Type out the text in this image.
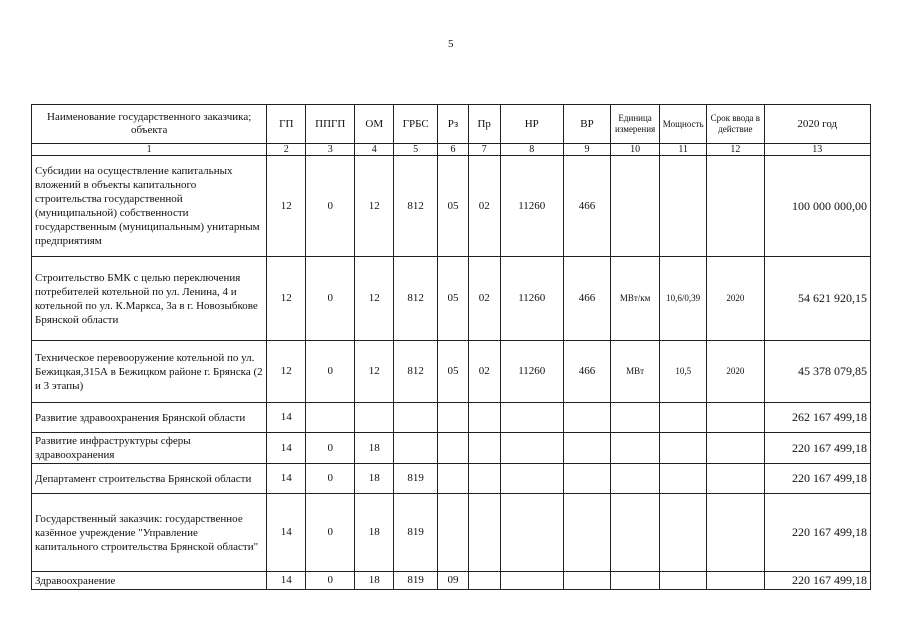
5
Наименование государственного заказчика; объекта	ГП	ППГП	ОМ	ГРБС	Рз	Пр	НР	ВР	Единица измерения	Мощность	Срок ввода в действие	2020 год
1	2	3	4	5	6	7	8	9	10	11	12	13
Субсидии на осуществление капитальных вложений в объекты капитального строительства государственной (муниципальной) собственности государственным (муниципальным) унитарным предприятиям	12	0	12	812	05	02	11260	466				100 000 000,00
Строительство БМК с целью переключения потребителей котельной по ул. Ленина, 4 и котельной по ул. К.Маркса, 3а в г. Новозыбкове Брянской области	12	0	12	812	05	02	11260	466	МВт/км	10,6/0,39	2020	54 621 920,15
Техническое перевооружение котельной по ул. Бежицкая,315А в Бежицком районе г. Брянска (2 и 3 этапы)	12	0	12	812	05	02	11260	466	МВт	10,5	2020	45 378 079,85
Развитие здравоохранения Брянской области	14											262 167 499,18
Развитие инфраструктуры сферы здравоохранения	14	0	18									220 167 499,18
Департамент строительства Брянской области	14	0	18	819								220 167 499,18
Государственный заказчик: государственное казённое учреждение "Управление капитального строительства Брянской области"	14	0	18	819								220 167 499,18
Здравоохранение	14	0	18	819	09							220 167 499,18
